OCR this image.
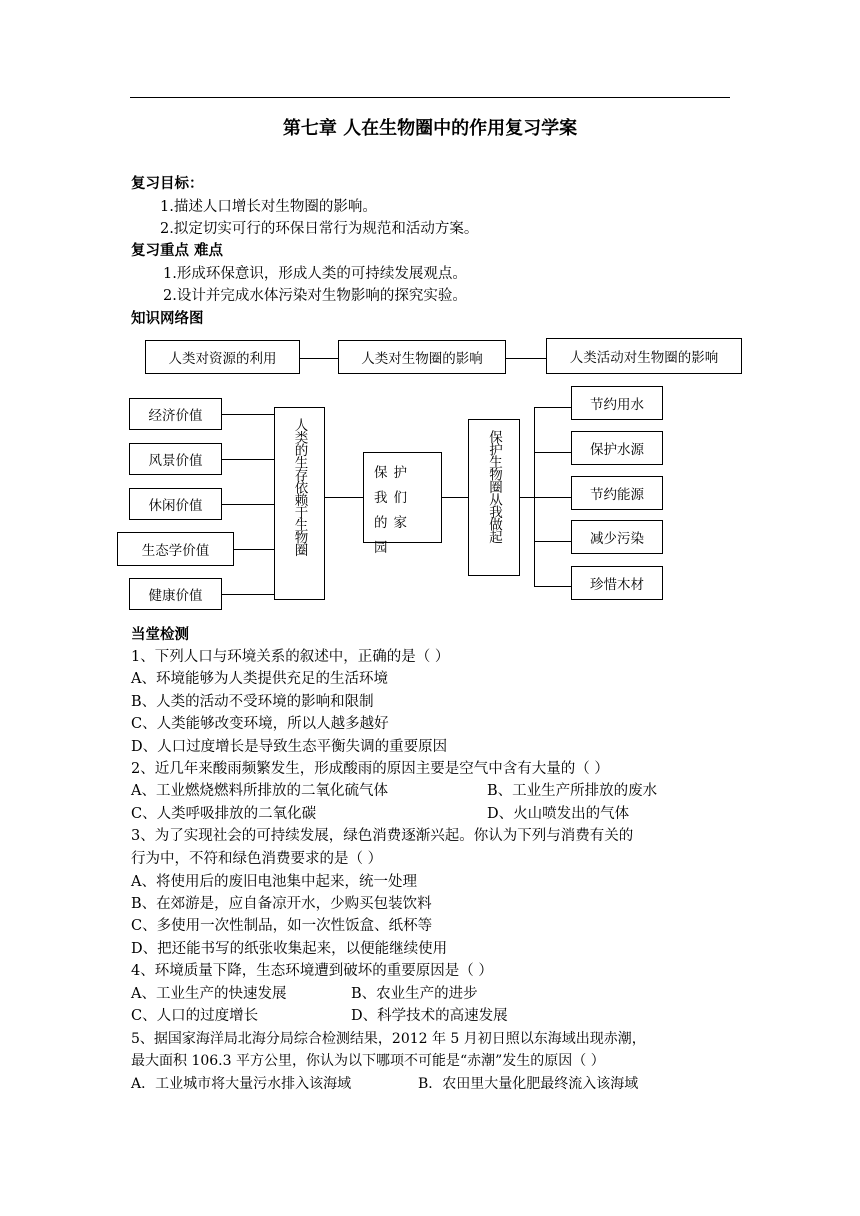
第七章 人在生物圈中的作用复习学案
复习目标：
1.描述人口增长对生物圈的影响。
2.拟定切实可行的环保日常行为规范和活动方案。
复习重点 难点
1.形成环保意识，形成人类的可持续发展观点。
2.设计并完成水体污染对生物影响的探究实验。
知识网络图
人类对资源的利用	人类对生物圈的影响	人类活动对生物圈的影响
经济价值
风景价值
休闲价值
生态学价值
健康价值
人类的生存依赖于生物圈	保护我们的家园
保护生物圈从我做起
节约用水
保护水源
节约能源
减少污染
珍惜木材
当堂检测
1、下列人口与环境关系的叙述中，正确的是（ ）
A、环境能够为人类提供充足的生活环境
B、人类的活动不受环境的影响和限制
C、人类能够改变环境，所以人越多越好
D、人口过度增长是导致生态平衡失调的重要原因
2、近几年来酸雨频繁发生，形成酸雨的原因主要是空气中含有大量的（ ）
A、工业燃烧燃料所排放的二氧化硫气体	B、工业生产所排放的废水
C、人类呼吸排放的二氧化碳	D、火山喷发出的气体
3、为了实现社会的可持续发展，绿色消费逐渐兴起。你认为下列与消费有关的
行为中，不符和绿色消费要求的是（ ）
A、将使用后的废旧电池集中起来，统一处理
B、在郊游是，应自备凉开水，少购买包装饮料
C、多使用一次性制品，如一次性饭盒、纸杯等
D、把还能书写的纸张收集起来，以便能继续使用
4、环境质量下降，生态环境遭到破坏的重要原因是（ ）
A、工业生产的快速发展	B、农业生产的进步
C、人口的过度增长	D、科学技术的高速发展
5、据国家海洋局北海分局综合检测结果，2012 年 5 月初日照以东海域出现赤潮，
最大面积 106.3 平方公里，你认为以下哪项不可能是“赤潮”发生的原因（ ）
A．工业城市将大量污水排入该海域	B．农田里大量化肥最终流入该海域
